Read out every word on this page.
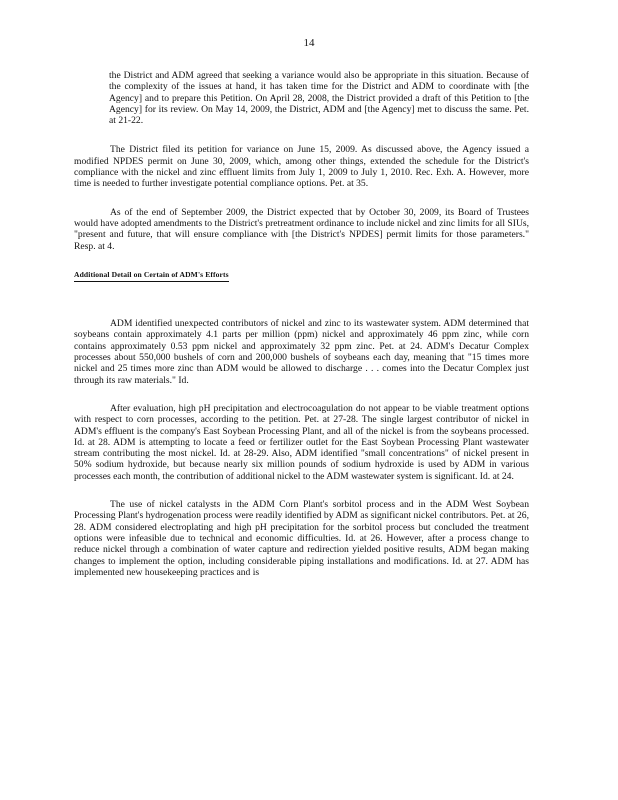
14

the District and ADM agreed that seeking a variance would also be appropriate in this situation. Because of the complexity of the issues at hand, it has taken time for the District and ADM to coordinate with [the Agency] and to prepare this Petition. On April 28, 2008, the District provided a draft of this Petition to [the Agency] for its review. On May 14, 2009, the District, ADM and [the Agency] met to discuss the same. Pet. at 21-22.

The District filed its petition for variance on June 15, 2009. As discussed above, the Agency issued a modified NPDES permit on June 30, 2009, which, among other things, extended the schedule for the District's compliance with the nickel and zinc effluent limits from July 1, 2009 to July 1, 2010. Rec. Exh. A. However, more time is needed to further investigate potential compliance options. Pet. at 35.

As of the end of September 2009, the District expected that by October 30, 2009, its Board of Trustees would have adopted amendments to the District's pretreatment ordinance to include nickel and zinc limits for all SIUs, "present and future, that will ensure compliance with [the District's NPDES] permit limits for those parameters." Resp. at 4.

Additional Detail on Certain of ADM's Efforts

ADM identified unexpected contributors of nickel and zinc to its wastewater system. ADM determined that soybeans contain approximately 4.1 parts per million (ppm) nickel and approximately 46 ppm zinc, while corn contains approximately 0.53 ppm nickel and approximately 32 ppm zinc. Pet. at 24. ADM's Decatur Complex processes about 550,000 bushels of corn and 200,000 bushels of soybeans each day, meaning that "15 times more nickel and 25 times more zinc than ADM would be allowed to discharge . . . comes into the Decatur Complex just through its raw materials." Id.

After evaluation, high pH precipitation and electrocoagulation do not appear to be viable treatment options with respect to corn processes, according to the petition. Pet. at 27-28. The single largest contributor of nickel in ADM's effluent is the company's East Soybean Processing Plant, and all of the nickel is from the soybeans processed. Id. at 28. ADM is attempting to locate a feed or fertilizer outlet for the East Soybean Processing Plant wastewater stream contributing the most nickel. Id. at 28-29. Also, ADM identified "small concentrations" of nickel present in 50% sodium hydroxide, but because nearly six million pounds of sodium hydroxide is used by ADM in various processes each month, the contribution of additional nickel to the ADM wastewater system is significant. Id. at 24.

The use of nickel catalysts in the ADM Corn Plant's sorbitol process and in the ADM West Soybean Processing Plant's hydrogenation process were readily identified by ADM as significant nickel contributors. Pet. at 26, 28. ADM considered electroplating and high pH precipitation for the sorbitol process but concluded the treatment options were infeasible due to technical and economic difficulties. Id. at 26. However, after a process change to reduce nickel through a combination of water capture and redirection yielded positive results, ADM began making changes to implement the option, including considerable piping installations and modifications. Id. at 27. ADM has implemented new housekeeping practices and is
